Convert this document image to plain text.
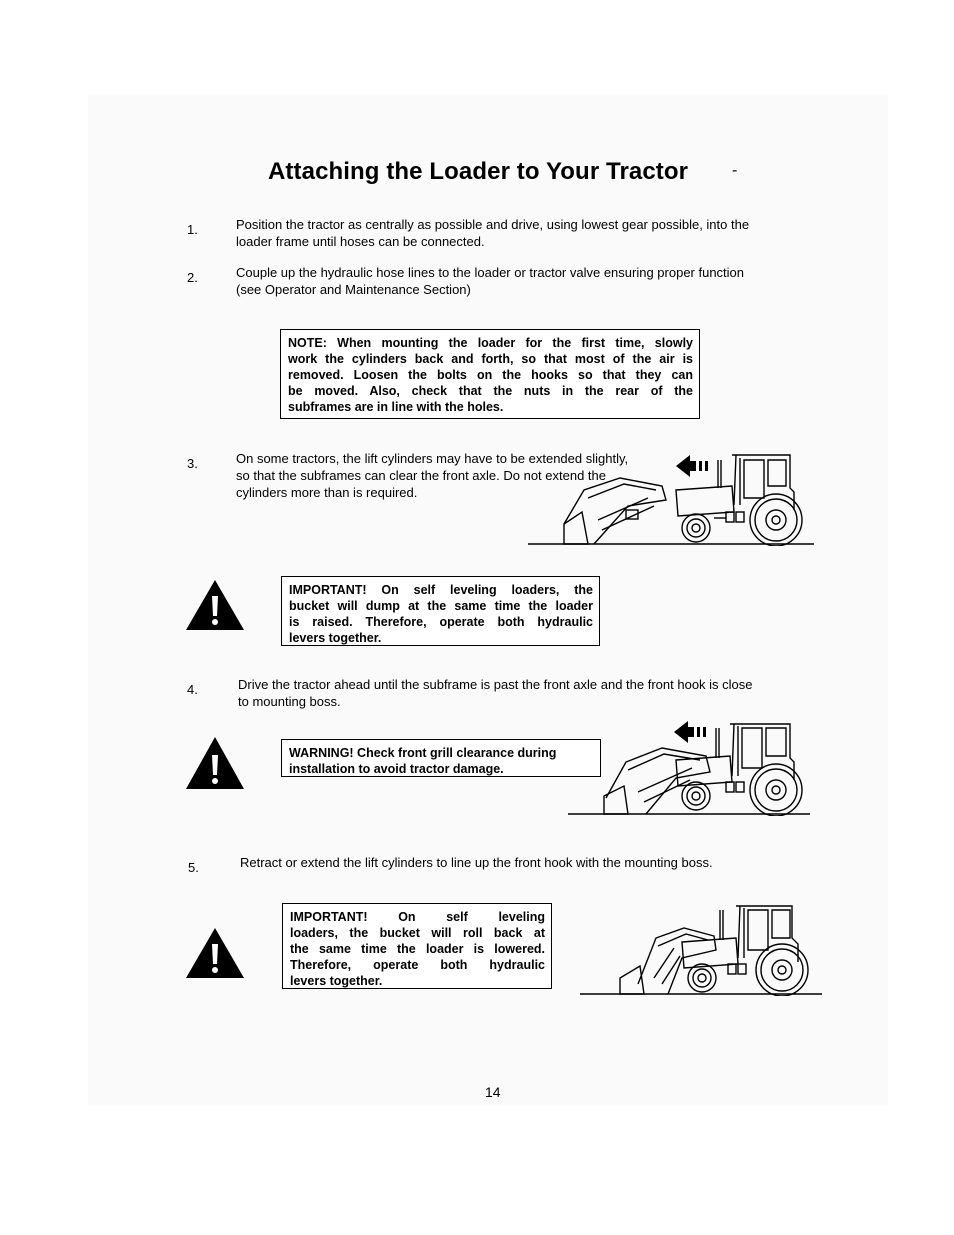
Attaching the Loader to Your Tractor	-
1.	Position the tractor as centrally as possible and drive, using lowest gear possible, into the
loader frame until hoses can be connected.
2.	Couple up the hydraulic hose lines to the loader or tractor valve ensuring proper function
(see Operator and Maintenance Section)
NOTE: When mounting the loader for the first time, slowly
work the cylinders back and forth, so that most of the air is
removed. Loosen the bolts on the hooks so that they can
be moved. Also, check that the nuts in the rear of the
subframes are in line with the holes.
3.	On some tractors, the lift cylinders may have to be extended slightly,
so that the subframes can clear the front axle. Do not extend the
cylinders more than is required.
IMPORTANT! On self leveling loaders, the
bucket will dump at the same time the loader
is raised. Therefore, operate both hydraulic
levers together.
4.	Drive the tractor ahead until the subframe is past the front axle and the front hook is close
to mounting boss.
WARNING! Check front grill clearance during
installation to avoid tractor damage.
5.	Retract or extend the lift cylinders to line up the front hook with the mounting boss.
IMPORTANT! On self leveling
loaders, the bucket will roll back at
the same time the loader is lowered.
Therefore, operate both hydraulic
levers together.
14
